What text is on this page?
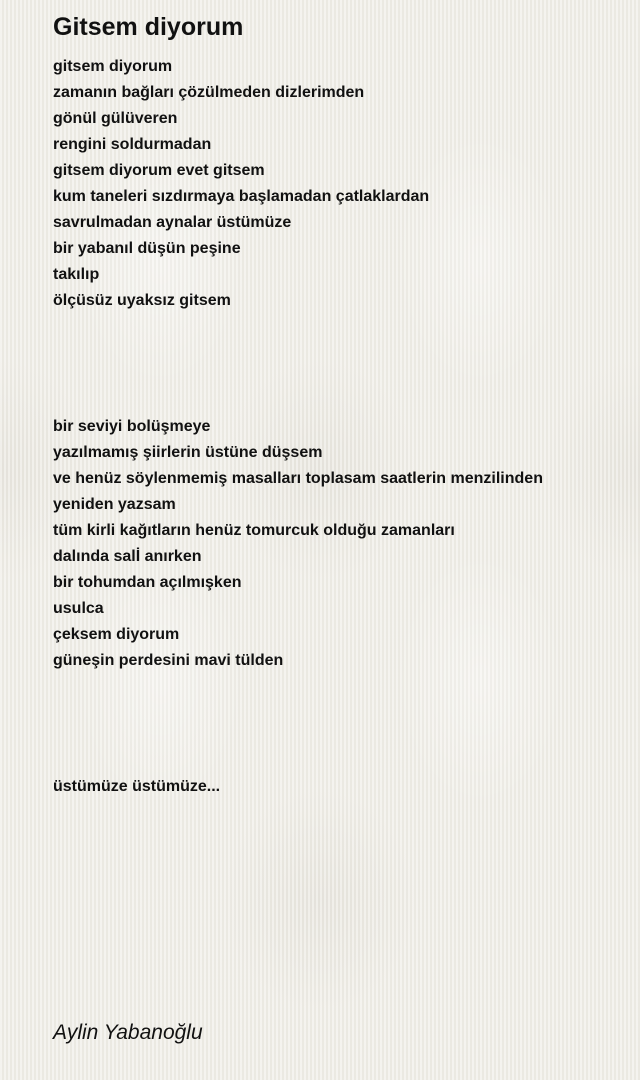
Gitsem diyorum
gitsem diyorum
zamanın bağları çözülmeden dizlerimden
gönül gülüveren
rengini soldurmadan
gitsem diyorum evet gitsem
kum taneleri sızdırmaya başlamadan çatlaklardan
savrulmadan aynalar üstümüze
bir yabanıl düşün peşine
takılıp
ölçüsüz uyaksız gitsem
bir seviyi bolüşmeye
yazılmamış şiirlerin üstüne düşsem
ve henüz söylenmemiş masalları toplasam saatlerin menzilinden
yeniden yazsam
tüm kirli kağıtların henüz tomurcuk olduğu zamanları
dalında salİ anırken
bir tohumdan açılmışken
usulca
çeksem diyorum
güneşin perdesini mavi tülden
üstümüze üstümüze...
Aylin Yabanoğlu
